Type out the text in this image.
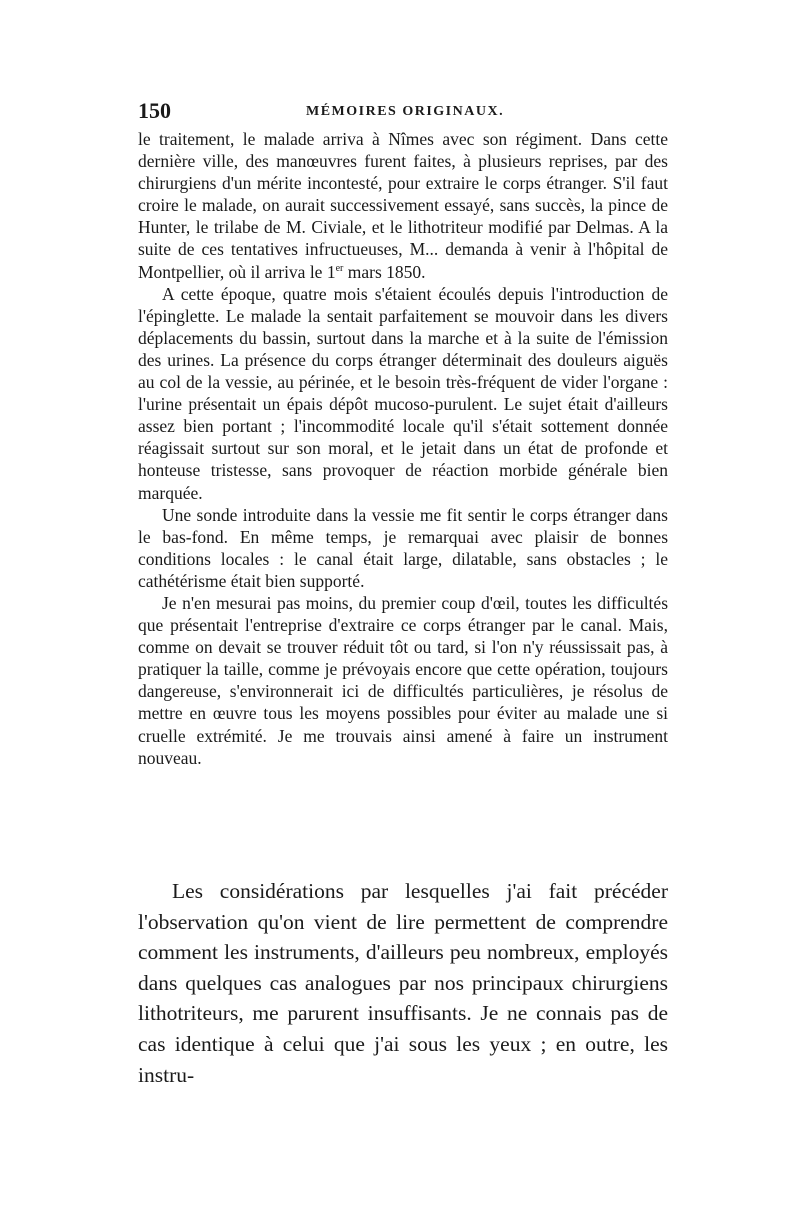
150	MÉMOIRES ORIGINAUX.

le traitement, le malade arriva à Nîmes avec son régiment. Dans cette dernière ville, des manœuvres furent faites, à plusieurs reprises, par des chirurgiens d'un mérite incontesté, pour extraire le corps étranger. S'il faut croire le malade, on aurait successivement essayé, sans succès, la pince de Hunter, le trilabe de M. Civiale, et le lithotriteur modifié par Delmas. A la suite de ces tentatives infructueuses, M... demanda à venir à l'hôpital de Montpellier, où il arriva le 1er mars 1850.

A cette époque, quatre mois s'étaient écoulés depuis l'introduction de l'épinglette. Le malade la sentait parfaitement se mouvoir dans les divers déplacements du bassin, surtout dans la marche et à la suite de l'émission des urines. La présence du corps étranger déterminait des douleurs aiguës au col de la vessie, au périnée, et le besoin très-fréquent de vider l'organe : l'urine présentait un épais dépôt mucoso-purulent. Le sujet était d'ailleurs assez bien portant ; l'incommodité locale qu'il s'était sottement donnée réagissait surtout sur son moral, et le jetait dans un état de profonde et honteuse tristesse, sans provoquer de réaction morbide générale bien marquée.

Une sonde introduite dans la vessie me fit sentir le corps étranger dans le bas-fond. En même temps, je remarquai avec plaisir de bonnes conditions locales : le canal était large, dilatable, sans obstacles ; le cathétérisme était bien supporté.

Je n'en mesurai pas moins, du premier coup d'œil, toutes les difficultés que présentait l'entreprise d'extraire ce corps étranger par le canal. Mais, comme on devait se trouver réduit tôt ou tard, si l'on n'y réussissait pas, à pratiquer la taille, comme je prévoyais encore que cette opération, toujours dangereuse, s'environnerait ici de difficultés particulières, je résolus de mettre en œuvre tous les moyens possibles pour éviter au malade une si cruelle extrémité. Je me trouvais ainsi amené à faire un instrument nouveau.

Les considérations par lesquelles j'ai fait précéder l'observation qu'on vient de lire permettent de comprendre comment les instruments, d'ailleurs peu nombreux, employés dans quelques cas analogues par nos principaux chirurgiens lithotriteurs, me parurent insuffisants. Je ne connais pas de cas identique à celui que j'ai sous les yeux ; en outre, les instru-
